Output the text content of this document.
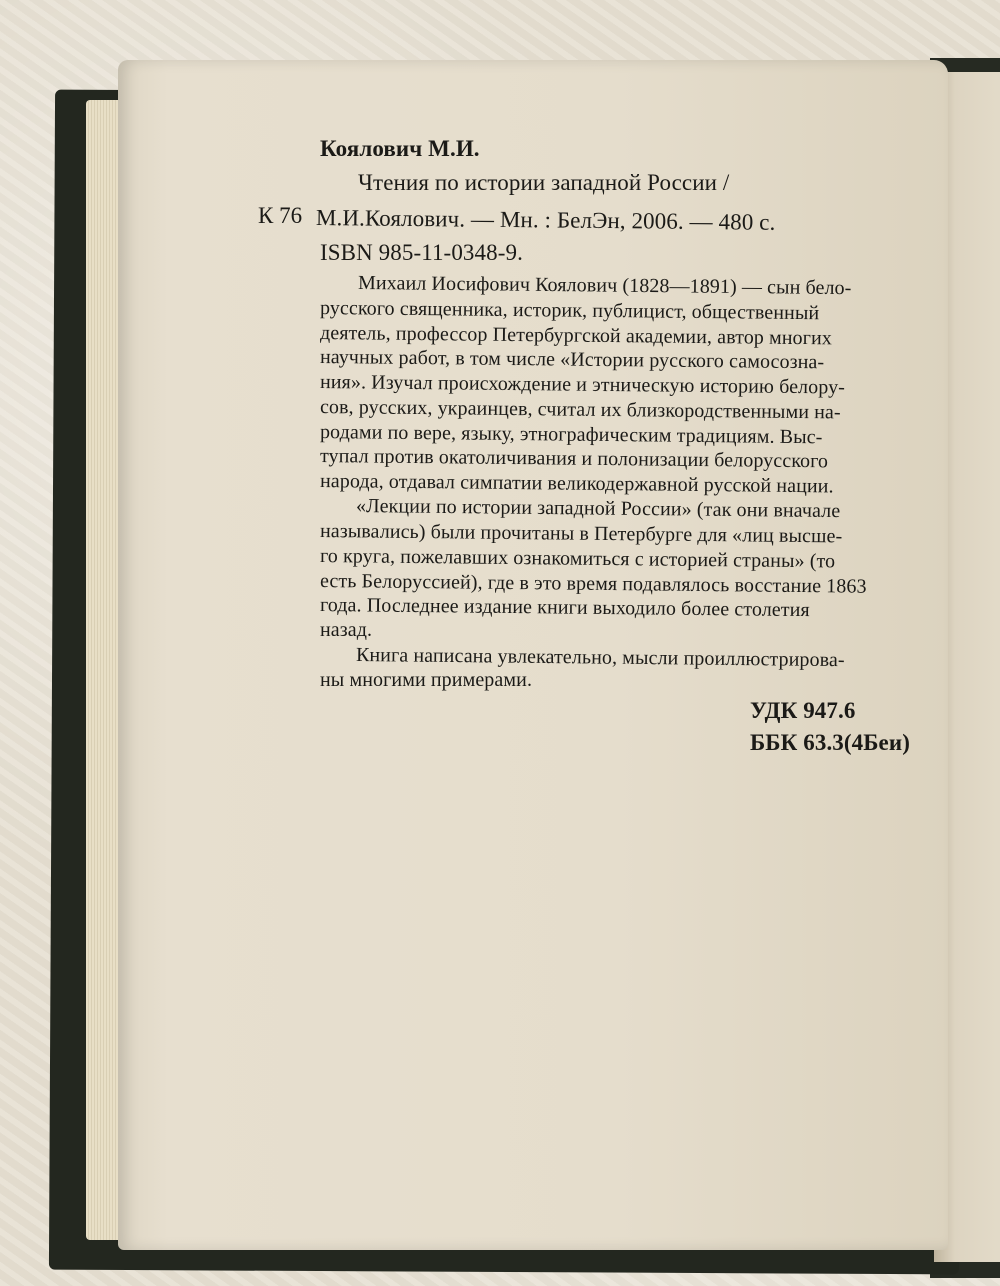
Коялович М.И.
Чтения по истории западной России /
К 76 М.И.Коялович. — Мн. : БелЭн, 2006. — 480 с.
ISBN 985-11-0348-9.
Михаил Иосифович Коялович (1828—1891) — сын бело-
русского священника, историк, публицист, общественный
деятель, профессор Петербургской академии, автор многих
научных работ, в том числе «Истории русского самосозна-
ния». Изучал происхождение и этническую историю белору-
сов, русских, украинцев, считал их близкородственными на-
родами по вере, языку, этнографическим традициям. Выс-
тупал против окатоличивания и полонизации белорусского
народа, отдавал симпатии великодержавной русской нации.
«Лекции по истории западной России» (так они вначале
назывались) были прочитаны в Петербурге для «лиц высше-
го круга, пожелавших ознакомиться с историей страны» (то
есть Белоруссией), где в это время подавлялось восстание 1863
года. Последнее издание книги выходило более столетия
назад.
Книга написана увлекательно, мысли проиллюстрирова-
ны многими примерами.
УДК 947.6
ББК 63.3(4Беи)
